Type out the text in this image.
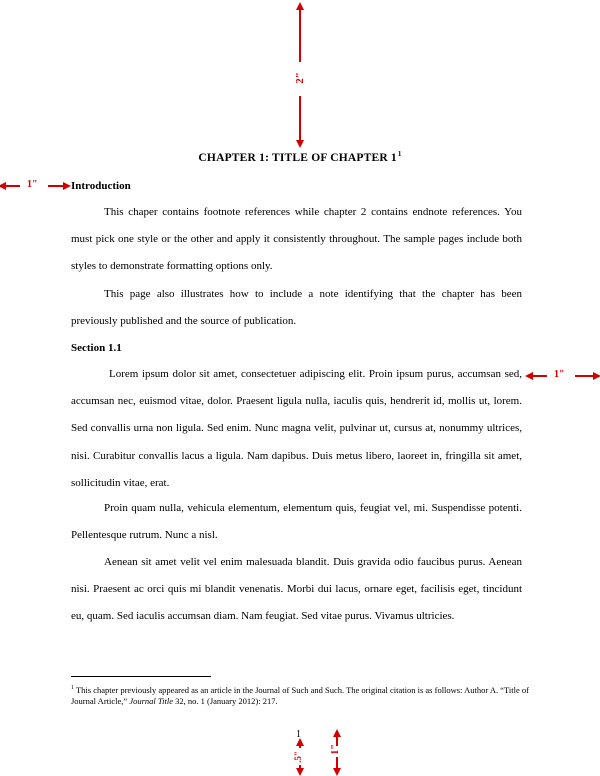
2"
1"
1"
1"
.5"
CHAPTER 1: TITLE OF CHAPTER $1^1$
Introduction
This chaper contains footnote references while chapter 2 contains endnote references. You must pick one style or the other and apply it consistently throughout. The sample pages include both styles to demonstrate formatting options only.
This page also illustrates how to include a note identifying that the chapter has been previously published and the source of publication.
Section 1.1
Lorem ipsum dolor sit amet, consectetuer adipiscing elit. Proin ipsum purus, accumsan sed, accumsan nec, euismod vitae, dolor. Praesent ligula nulla, iaculis quis, hendrerit id, mollis ut, lorem. Sed convallis urna non ligula. Sed enim. Nunc magna velit, pulvinar ut, cursus at, nonummy ultrices, nisi. Curabitur convallis lacus a ligula. Nam dapibus. Duis metus libero, laoreet in, fringilla sit amet, sollicitudin vitae, erat.
Proin quam nulla, vehicula elementum, elementum quis, feugiat vel, mi. Suspendisse potenti. Pellentesque rutrum. Nunc a nisl.
Aenean sit amet velit vel enim malesuada blandit. Duis gravida odio faucibus purus. Aenean nisi. Praesent ac orci quis mi blandit venenatis. Morbi dui lacus, ornare eget, facilisis eget, tincidunt eu, quam. Sed iaculis accumsan diam. Nam feugiat. Sed vitae purus. Vivamus ultricies.
$^1$ This chapter previously appeared as an article in the Journal of Such and Such. The original citation is as follows: Author A. “Title of Journal Article,” Journal Title 32, no. 1 (January 2012): 217.
1
